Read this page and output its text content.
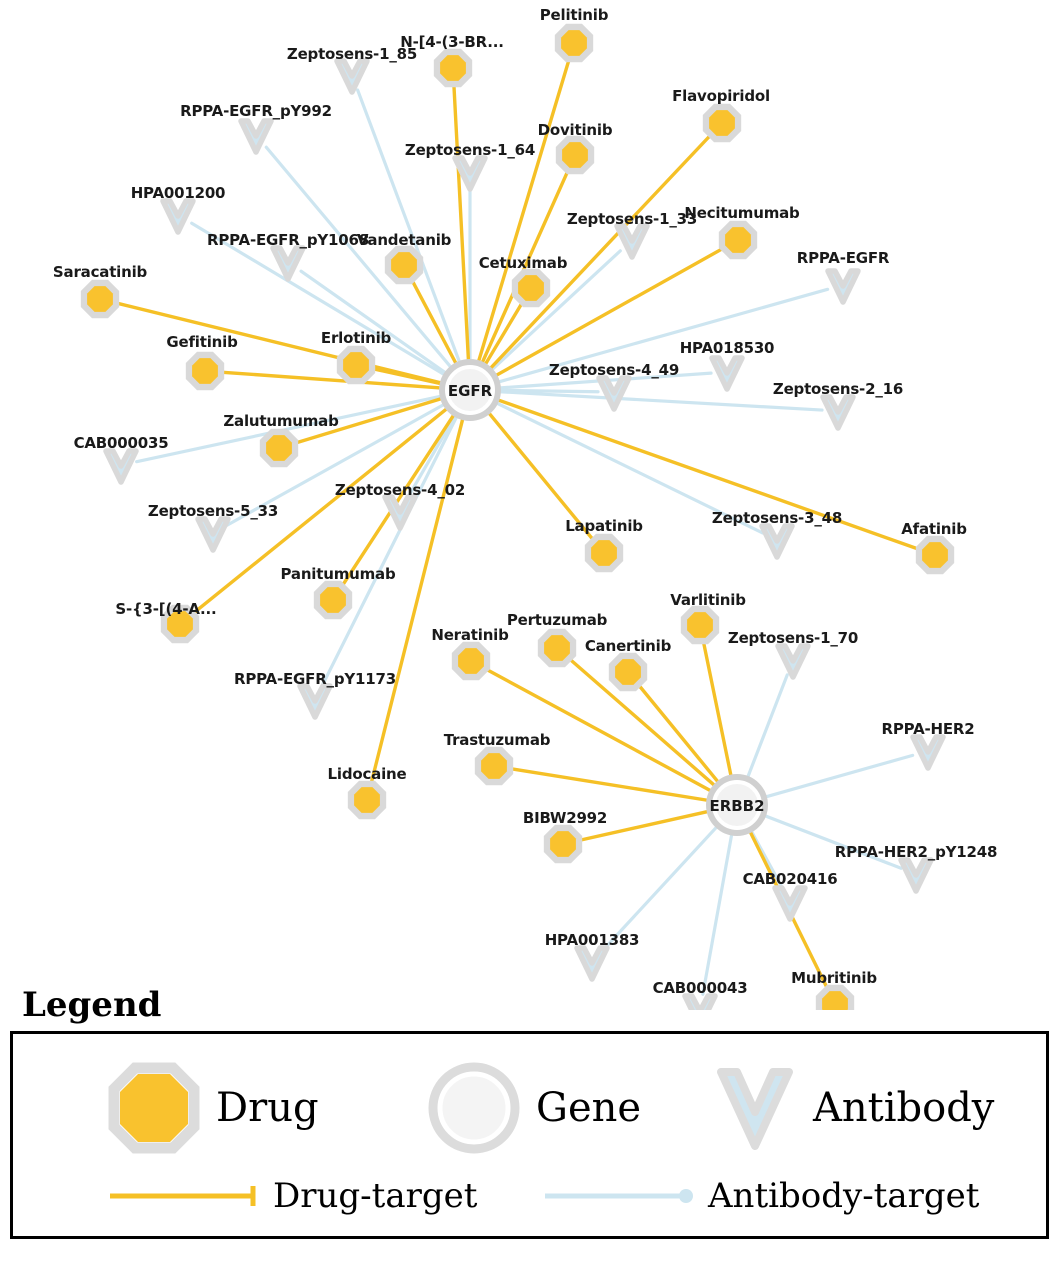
Zeptosens-1_85
RPPA-EGFR_pY992
Zeptosens-1_64
HPA001200
Zeptosens-1_33
RPPA-EGFR_pY1068
RPPA-EGFR
HPA018530
Zeptosens-4_49
Zeptosens-2_16
CAB000035
Zeptosens-4_02
Zeptosens-5_33	Zeptosens-3_48
Zeptosens-1_70
RPPA-EGFR_pY1173
RPPA-HER2
RPPA-HER2_pY1248
CAB020416
HPA001383
CAB000043
EGFR
ERBB2
Pelitinib
N-[4-(3-BR...
Flavopiridol
Dovitinib
Necitumumab
Vandetanib
Cetuximab
Saracatinib
Erlotinib
Gefitinib
Zalutumumab
Afatinib
Lapatinib
Varlitinib
Panitumumab
S-{3-[(4-A...
Pertuzumab
Neratinib
Canertinib
Trastuzumab
Lidocaine
BIBW2992
Mubritinib
Legend
Drug	Gene	Antibody
Drug-target	Antibody-target
